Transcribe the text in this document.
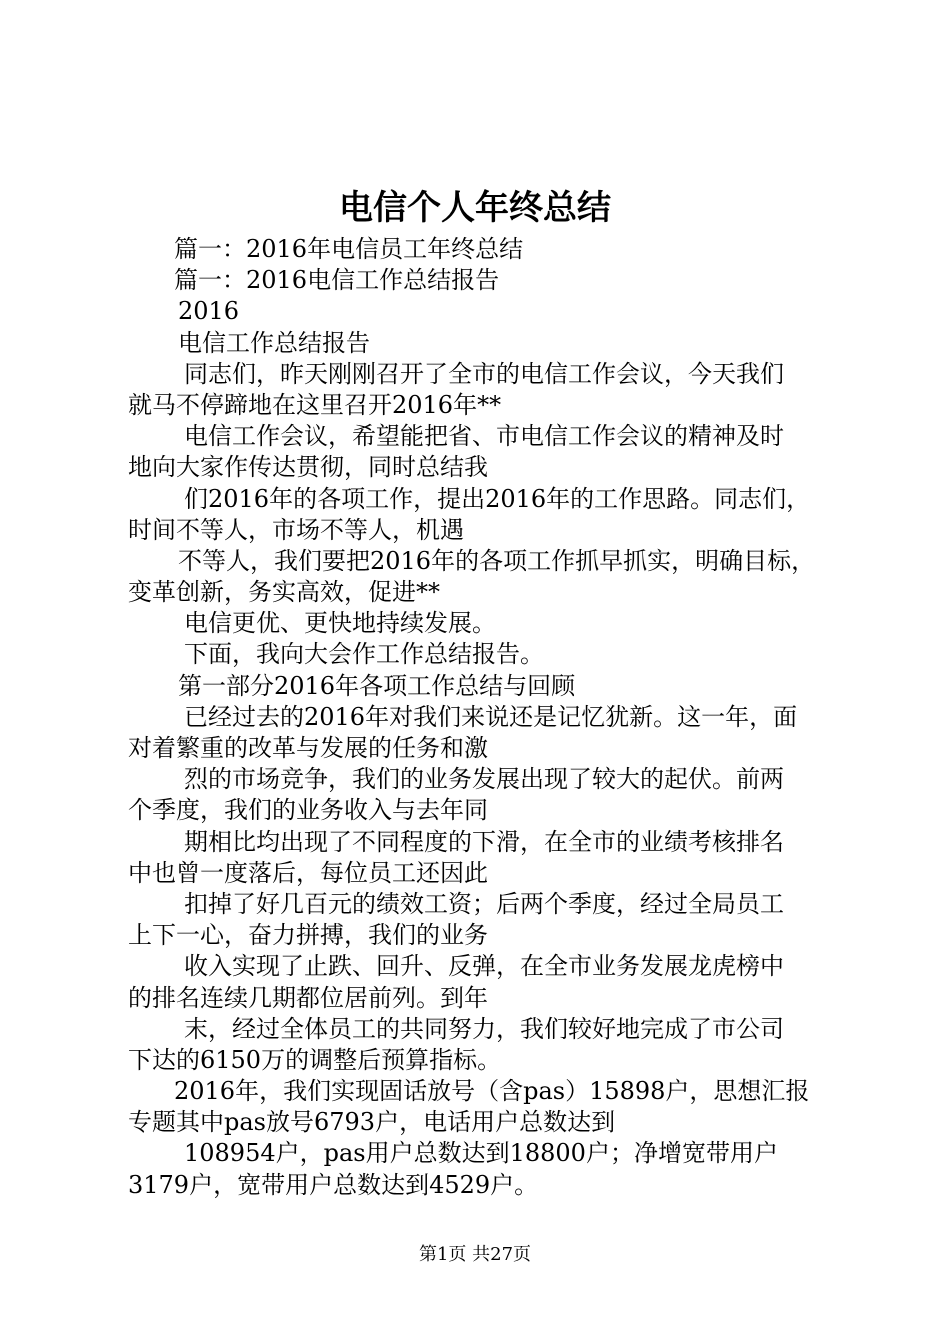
电信个人年终总结
篇一：2016年电信员工年终总结
篇一：2016电信工作总结报告
2016
电信工作总结报告
同志们，昨天刚刚召开了全市的电信工作会议，今天我们
就马不停蹄地在这里召开2016年**
电信工作会议，希望能把省、市电信工作会议的精神及时
地向大家作传达贯彻，同时总结我
们2016年的各项工作，提出2016年的工作思路。同志们，
时间不等人，市场不等人，机遇
不等人，我们要把2016年的各项工作抓早抓实，明确目标，
变革创新，务实高效，促进**
电信更优、更快地持续发展。
下面，我向大会作工作总结报告。
第一部分2016年各项工作总结与回顾
已经过去的2016年对我们来说还是记忆犹新。这一年，面
对着繁重的改革与发展的任务和激
烈的市场竞争，我们的业务发展出现了较大的起伏。前两
个季度，我们的业务收入与去年同
期相比均出现了不同程度的下滑，在全市的业绩考核排名
中也曾一度落后，每位员工还因此
扣掉了好几百元的绩效工资；后两个季度，经过全局员工
上下一心，奋力拼搏，我们的业务
收入实现了止跌、回升、反弹，在全市业务发展龙虎榜中
的排名连续几期都位居前列。到年
末，经过全体员工的共同努力，我们较好地完成了市公司
下达的6150万的调整后预算指标。
2016年，我们实现固话放号（含pas）15898户，思想汇报
专题其中pas放号6793户，电话用户总数达到
108954户，pas用户总数达到18800户；净增宽带用户
3179户，宽带用户总数达到4529户。
第1页 共27页
